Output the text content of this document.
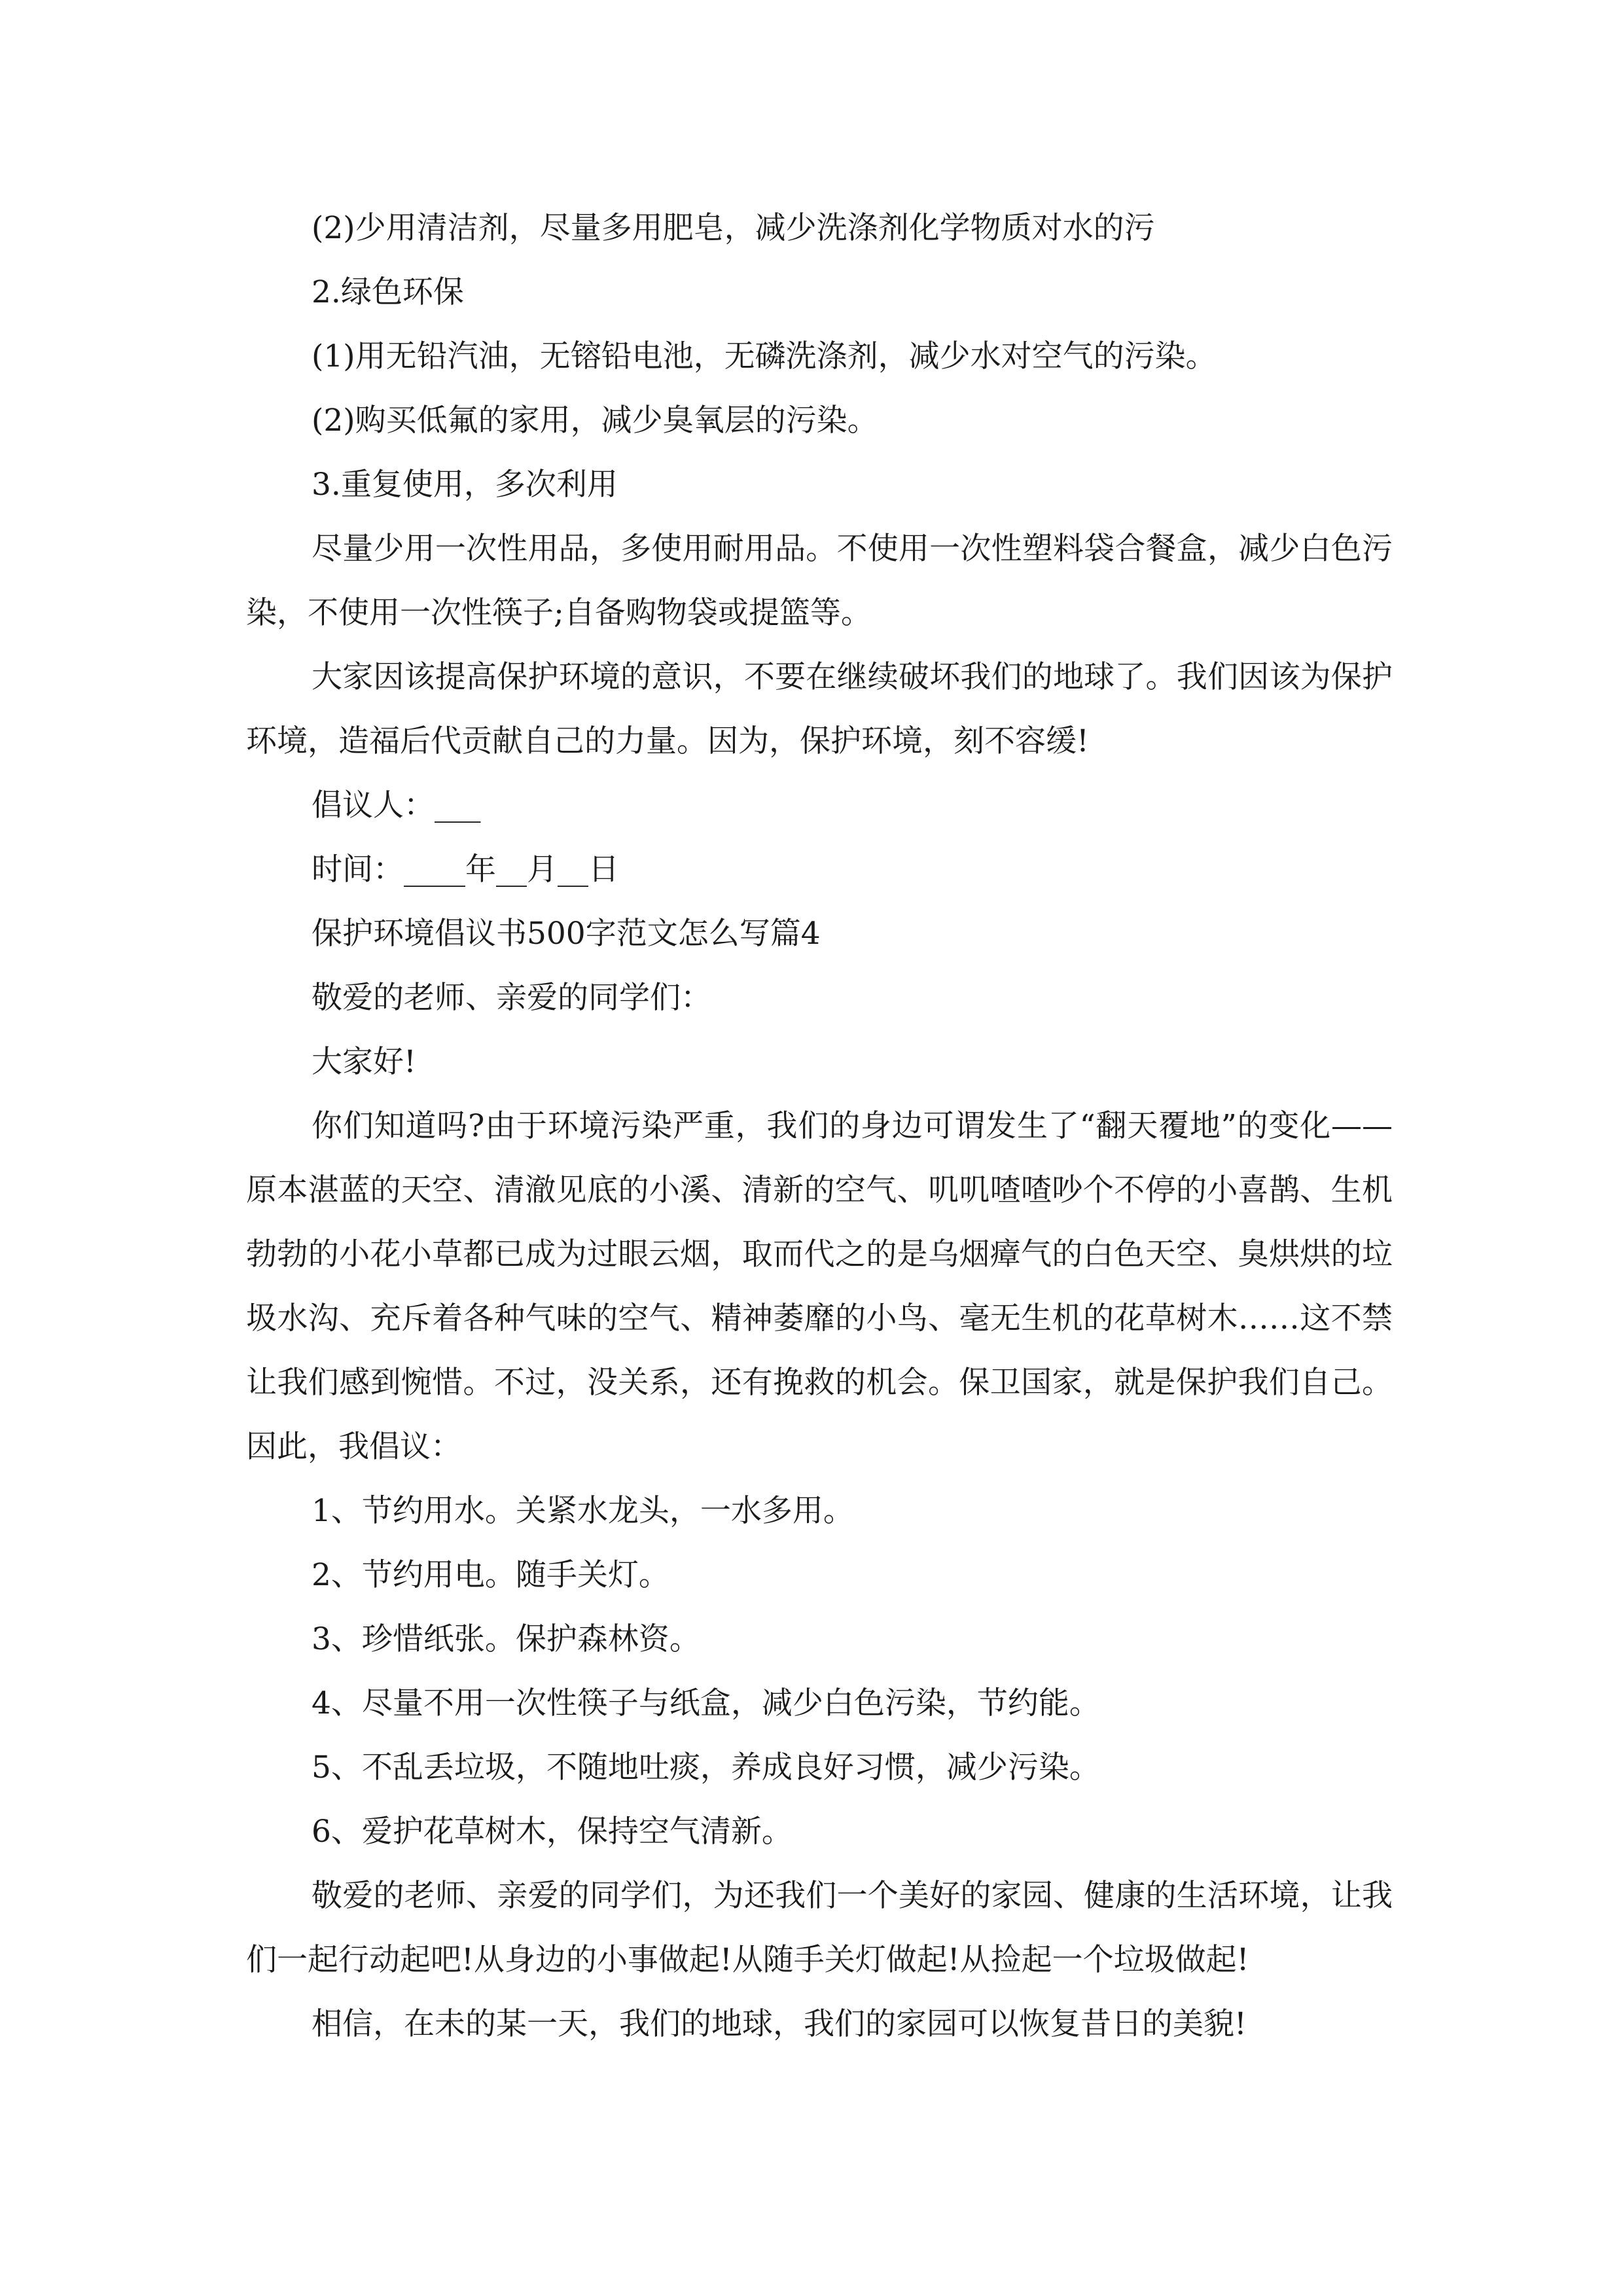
(2)少用清洁剂，尽量多用肥皂，减少洗涤剂化学物质对水的污

2.绿色环保

(1)用无铅汽油，无镕铅电池，无磷洗涤剂，减少水对空气的污染。

(2)购买低氟的家用，减少臭氧层的污染。

3.重复使用，多次利用

尽量少用一次性用品，多使用耐用品。不使用一次性塑料袋合餐盒，减少白色污染，不使用一次性筷子;自备购物袋或提篮等。

大家因该提高保护环境的意识，不要在继续破坏我们的地球了。我们因该为保护环境，造福后代贡献自己的力量。因为，保护环境，刻不容缓!

倡议人：___

时间：____年__月__日

保护环境倡议书500字范文怎么写篇4

敬爱的老师、亲爱的同学们：

大家好!

你们知道吗?由于环境污染严重，我们的身边可谓发生了“翻天覆地”的变化——原本湛蓝的天空、清澈见底的小溪、清新的空气、叽叽喳喳吵个不停的小喜鹊、生机勃勃的小花小草都已成为过眼云烟，取而代之的是乌烟瘴气的白色天空、臭烘烘的垃圾水沟、充斥着各种气味的空气、精神萎靡的小鸟、毫无生机的花草树木……这不禁让我们感到惋惜。不过，没关系，还有挽救的机会。保卫国家，就是保护我们自己。因此，我倡议：

1、节约用水。关紧水龙头，一水多用。

2、节约用电。随手关灯。

3、珍惜纸张。保护森林资。

4、尽量不用一次性筷子与纸盒，减少白色污染，节约能。

5、不乱丢垃圾，不随地吐痰，养成良好习惯，减少污染。

6、爱护花草树木，保持空气清新。

敬爱的老师、亲爱的同学们，为还我们一个美好的家园、健康的生活环境，让我们一起行动起吧!从身边的小事做起!从随手关灯做起!从捡起一个垃圾做起!

相信，在未的某一天，我们的地球，我们的家园可以恢复昔日的美貌!
